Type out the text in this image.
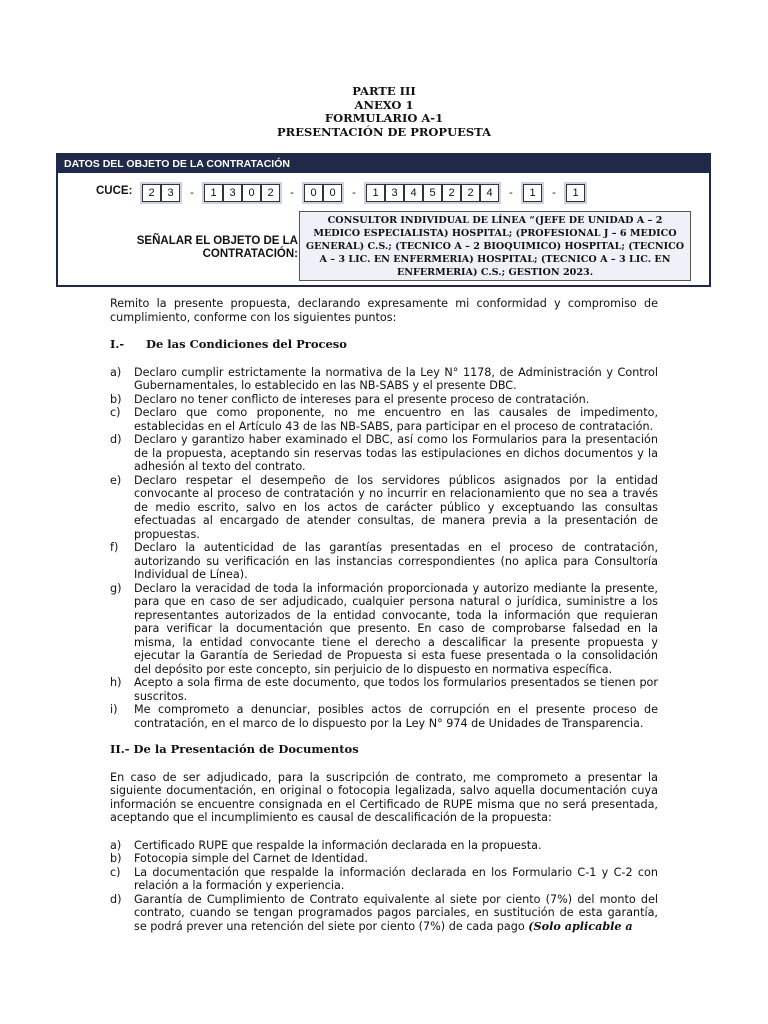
PARTE III
ANEXO 1
FORMULARIO A-1
PRESENTACIÓN DE PROPUESTA
DATOS DEL OBJETO DE LA CONTRATACIÓN
CUCE:	2	3	-	1	3	0	2	-	0	0	-	1	3	4	5	2	2	4	-	1	-	1
SEÑALAR EL OBJETO DE LA CONTRATACIÓN:
CONSULTOR INDIVIDUAL DE LÍNEA “(JEFE DE UNIDAD A – 2 MEDICO ESPECIALISTA) HOSPITAL; (PROFESIONAL J – 6 MEDICO GENERAL) C.S.; (TECNICO A – 2 BIOQUIMICO) HOSPITAL; (TECNICO A – 3 LIC. EN ENFERMERIA) HOSPITAL; (TECNICO A – 3 LIC. EN ENFERMERIA) C.S.; GESTION 2023.

Remito la presente propuesta, declarando expresamente mi conformidad y compromiso de cumplimiento, conforme con los siguientes puntos:

I.- De las Condiciones del Proceso

a)	Declaro cumplir estrictamente la normativa de la Ley N° 1178, de Administración y Control Gubernamentales, lo establecido en las NB-SABS y el presente DBC.
b)	Declaro no tener conflicto de intereses para el presente proceso de contratación.
c)	Declaro que como proponente, no me encuentro en las causales de impedimento, establecidas en el Artículo 43 de las NB-SABS, para participar en el proceso de contratación.
d)	Declaro y garantizo haber examinado el DBC, así como los Formularios para la presentación de la propuesta, aceptando sin reservas todas las estipulaciones en dichos documentos y la adhesión al texto del contrato.
e)	Declaro respetar el desempeño de los servidores públicos asignados por la entidad convocante al proceso de contratación y no incurrir en relacionamiento que no sea a través de medio escrito, salvo en los actos de carácter público y exceptuando las consultas efectuadas al encargado de atender consultas, de manera previa a la presentación de propuestas.
f)	Declaro la autenticidad de las garantías presentadas en el proceso de contratación, autorizando su verificación en las instancias correspondientes (no aplica para Consultoría Individual de Línea).
g)	Declaro la veracidad de toda la información proporcionada y autorizo mediante la presente, para que en caso de ser adjudicado, cualquier persona natural o jurídica, suministre a los representantes autorizados de la entidad convocante, toda la información que requieran para verificar la documentación que presento. En caso de comprobarse falsedad en la misma, la entidad convocante tiene el derecho a descalificar la presente propuesta y ejecutar la Garantía de Seriedad de Propuesta si esta fuese presentada o la consolidación del depósito por este concepto, sin perjuicio de lo dispuesto en normativa específica.
h)	Acepto a sola firma de este documento, que todos los formularios presentados se tienen por suscritos.
i)	Me comprometo a denunciar, posibles actos de corrupción en el presente proceso de contratación, en el marco de lo dispuesto por la Ley N° 974 de Unidades de Transparencia.

II.- De la Presentación de Documentos

En caso de ser adjudicado, para la suscripción de contrato, me comprometo a presentar la siguiente documentación, en original o fotocopia legalizada, salvo aquella documentación cuya información se encuentre consignada en el Certificado de RUPE misma que no será presentada, aceptando que el incumplimiento es causal de descalificación de la propuesta:

a)	Certificado RUPE que respalde la información declarada en la propuesta.
b)	Fotocopia simple del Carnet de Identidad.
c)	La documentación que respalde la información declarada en los Formulario C-1 y C-2 con relación a la formación y experiencia.
d)	Garantía de Cumplimiento de Contrato equivalente al siete por ciento (7%) del monto del contrato, cuando se tengan programados pagos parciales, en sustitución de esta garantía, se podrá prever una retención del siete por ciento (7%) de cada pago (Solo aplicable a
